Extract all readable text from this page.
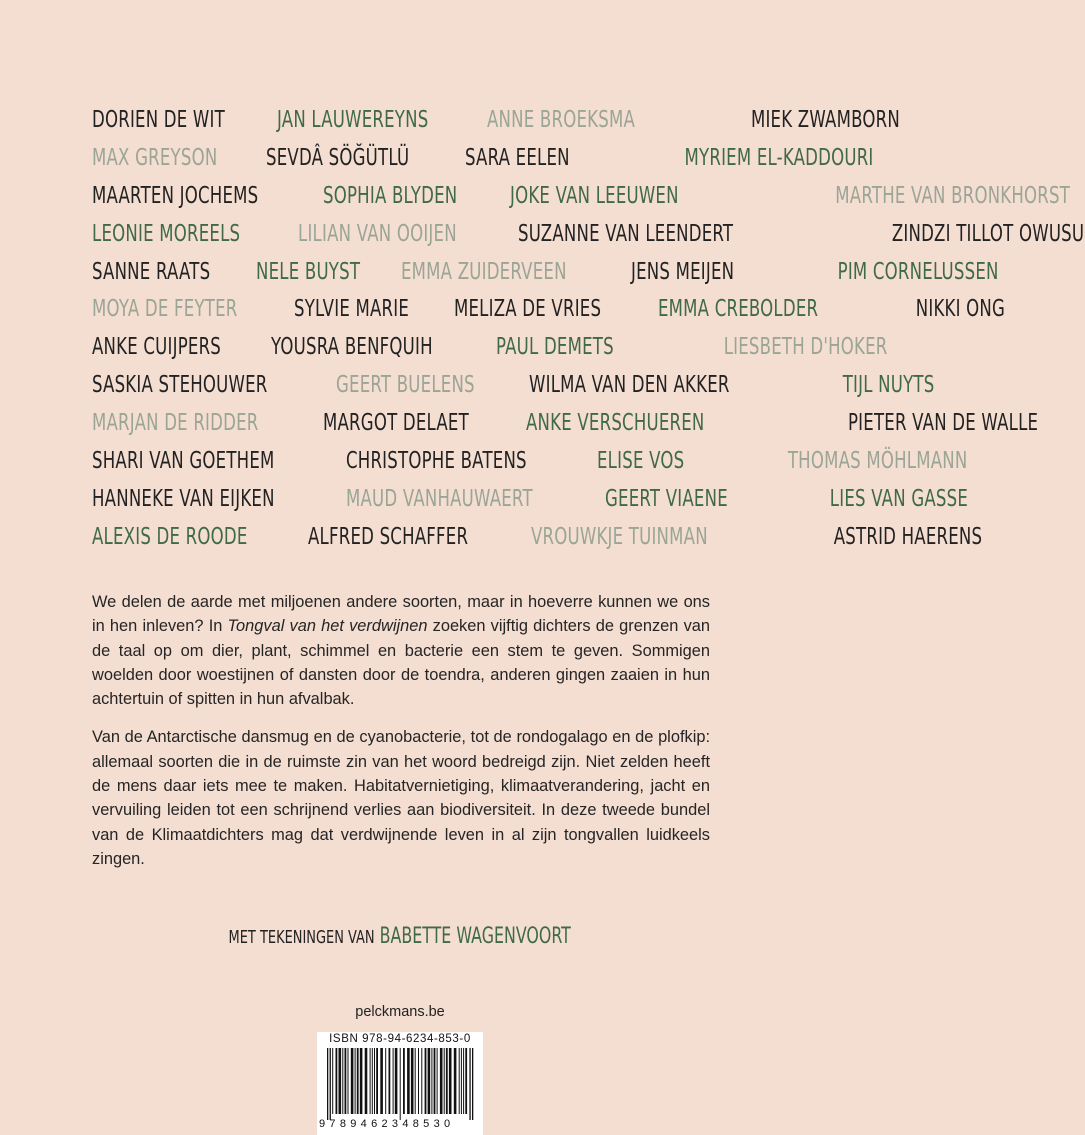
DORIEN DE WIT JAN LAUWEREYNS	ANNE BROEKSMA	MIEK ZWAMBORN
MAX GREYSON SEVDÂ SÖĞÜTLÜ SARA EELEN	MYRIEM EL-KADDOURI
MAARTEN JOCHEMS	SOPHIA BLYDEN JOKE VAN LEEUWEN	MARTHE VAN BRONKHORST
LEONIE MOREELS	LILIAN VAN OOIJEN	SUZANNE VAN LEENDERT	ZINDZI TILLOT OWUSU
SANNE RAATS NELE BUYST EMMA ZUIDERVEEN	JENS MEIJEN	PIM CORNELUSSEN
MOYA DE FEYTER SYLVIE MARIE MELIZA DE VRIES EMMA CREBOLDER	NIKKI ONG
ANKE CUIJPERS YOUSRA BENFQUIH	PAUL DEMETS	LIESBETH D'HOKER
SASKIA STEHOUWER	GEERT BUELENS WILMA VAN DEN AKKER	TIJL NUYTS
MARJAN DE RIDDER	MARGOT DELAET ANKE VERSCHUEREN	PIETER VAN DE WALLE
SHARI VAN GOETHEM	CHRISTOPHE BATENS	ELISE VOS	THOMAS MÖHLMANN
HANNEKE VAN EIJKEN	MAUD VANHAUWAERT	GEERT VIAENE	LIES VAN GASSE
ALEXIS DE ROODE	ALFRED SCHAFFER	VROUWKJE TUINMAN	ASTRID HAERENS

We delen de aarde met miljoenen andere soorten, maar in hoeverre kunnen we ons in hen inleven? In Tongval van het verdwijnen zoeken vijftig dichters de grenzen van de taal op om dier, plant, schimmel en bacterie een stem te geven. Sommigen woelden door woestijnen of dansten door de toendra, anderen gingen zaaien in hun achtertuin of spitten in hun afvalbak.

Van de Antarctische dansmug en de cyanobacterie, tot de rondogalago en de plofkip: allemaal soorten die in de ruimste zin van het woord bedreigd zijn. Niet zelden heeft de mens daar iets mee te maken. Habitatvernietiging, klimaatverandering, jacht en vervuiling leiden tot een schrijnend verlies aan biodiversiteit. In deze tweede bundel van de Klimaatdichters mag dat verdwijnende leven in al zijn tongvallen luidkeels zingen.

MET TEKENINGEN VAN BABETTE WAGENVOORT
pelckmans.be
ISBN 978-94-6234-853-0
9789462348530
